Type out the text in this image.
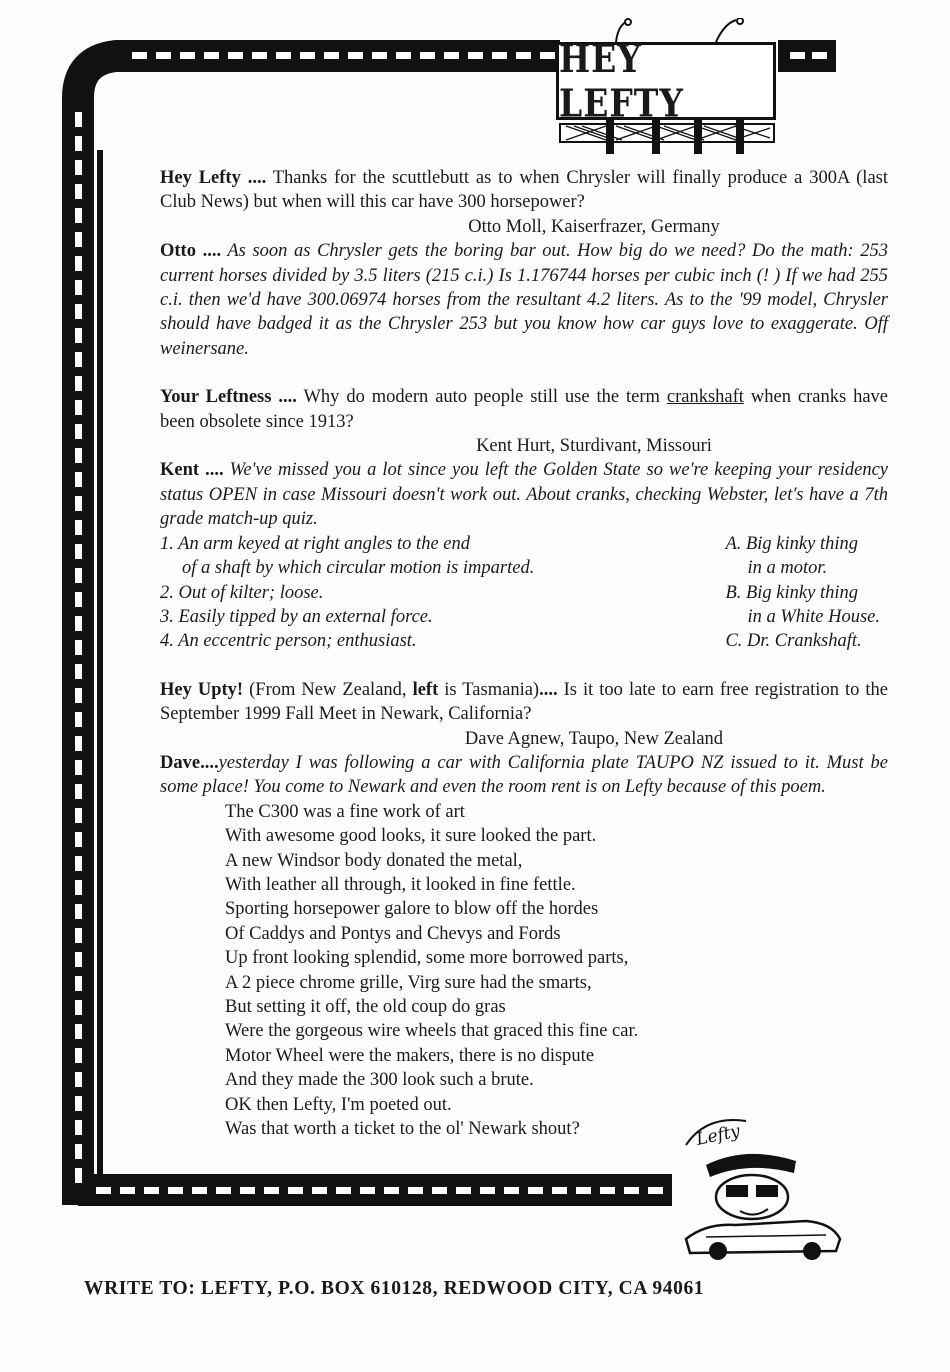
HEY LEFTY

Hey Lefty .... Thanks for the scuttlebutt as to when Chrysler will finally produce a 300A (last Club News) but when will this car have 300 horsepower?

Otto Moll, Kaiserfrazer, Germany

Otto .... As soon as Chrysler gets the boring bar out. How big do we need? Do the math: 253 current horses divided by 3.5 liters (215 c.i.) Is 1.176744 horses per cubic inch (! ) If we had 255 c.i. then we'd have 300.06974 horses from the resultant 4.2 liters. As to the '99 model, Chrysler should have badged it as the Chrysler 253 but you know how car guys love to exaggerate. Off weinersane.

Your Leftness .... Why do modern auto people still use the term crankshaft when cranks have been obsolete since 1913?

Kent Hurt, Sturdivant, Missouri

Kent .... We've missed you a lot since you left the Golden State so we're keeping your residency status OPEN in case Missouri doesn't work out. About cranks, checking Webster, let's have a 7th grade match-up quiz.

1. An arm keyed at right angles to the end
of a shaft by which circular motion is imparted.
2. Out of kilter; loose.
3. Easily tipped by an external force.
4. An eccentric person; enthusiast.
A. Big kinky thing
in a motor.
B. Big kinky thing
in a White House.
C. Dr. Crankshaft.

Hey Upty! (From New Zealand, left is Tasmania).... Is it too late to earn free registration to the September 1999 Fall Meet in Newark, California?

Dave Agnew, Taupo, New Zealand

Dave....yesterday I was following a car with California plate TAUPO NZ issued to it. Must be some place! You come to Newark and even the room rent is on Lefty because of this poem.

The C300 was a fine work of art
With awesome good looks, it sure looked the part.
A new Windsor body donated the metal,
With leather all through, it looked in fine fettle.
Sporting horsepower galore to blow off the hordes
Of Caddys and Pontys and Chevys and Fords
Up front looking splendid, some more borrowed parts,
A 2 piece chrome grille, Virg sure had the smarts,
But setting it off, the old coup do gras
Were the gorgeous wire wheels that graced this fine car.
Motor Wheel were the makers, there is no dispute
And they made the 300 look such a brute.
OK then Lefty, I'm poeted out.
Was that worth a ticket to the ol' Newark shout?	Lefty
WRITE TO: LEFTY, P.O. BOX 610128, REDWOOD CITY, CA 94061
